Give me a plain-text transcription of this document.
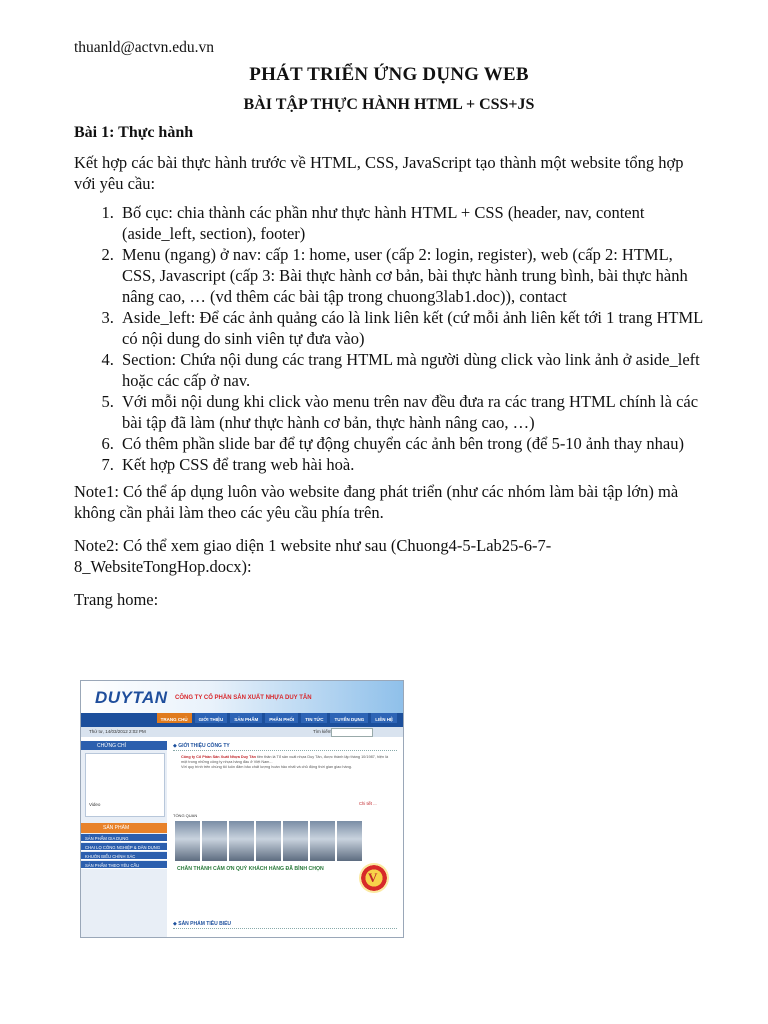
thuanld@actvn.edu.vn
PHÁT TRIỂN ỨNG DỤNG WEB
BÀI TẬP THỰC HÀNH HTML + CSS+JS
Bài 1: Thực hành
Kết hợp các bài thực hành trước về HTML, CSS, JavaScript tạo thành một website tổng hợp với yêu cầu:
1. Bố cục: chia thành các phần như thực hành HTML + CSS (header, nav, content (aside_left, section), footer)
2. Menu (ngang) ở nav: cấp 1: home, user (cấp 2: login, register), web (cấp 2: HTML, CSS, Javascript (cấp 3: Bài thực hành cơ bản, bài thực hành trung bình, bài thực hành nâng cao, … (vd thêm các bài tập trong chuong3lab1.doc)), contact
3. Aside_left: Để các ảnh quảng cáo là link liên kết (cứ mỗi ảnh liên kết tới 1 trang HTML có nội dung do sinh viên tự đưa vào)
4. Section: Chứa nội dung các trang HTML mà người dùng click vào link ảnh ở aside_left hoặc các cấp ở nav.
5. Với mỗi nội dung khi click vào menu trên nav đều đưa ra các trang HTML chính là các bài tập đã làm (như thực hành cơ bản, thực hành nâng cao, …)
6. Có thêm phần slide bar để tự động chuyển các ảnh bên trong (để 5-10 ảnh thay nhau)
7. Kết hợp CSS để trang web hài hoà.
Note1: Có thể áp dụng luôn vào website đang phát triển (như các nhóm làm bài tập lớn) mà không cần phải làm theo các yêu cầu phía trên.
Note2: Có thể xem giao diện 1 website như sau (Chuong4-5-Lab25-6-7-8_WebsiteTongHop.docx):
Trang home:
DUYTAN CÔNG TY CỔ PHẦN SẢN XUẤT NHỰA DUY TÂN
TRANG CHỦ	GIỚI THIỆU	SẢN PHẨM	PHÂN PHỐI	TIN TỨC	TUYỂN DỤNG	LIÊN HỆ
Thứ tư, 14/03/2012 2:02 PM	Tìm kiếm
CHỨNG CHỈ
SẢN PHẨM
SẢN PHẨM GIA DỤNG
CHAI LỌ CÔNG NGHIỆP & DÂN DỤNG
KHUÔN BIỂU CHÍNH XÁC
SẢN PHẨM THEO YÊU CẦU
Video
◆ GIỚI THIỆU CÔNG TY
Công ty Cổ Phần Sản Xuất Nhựa Duy Tân tiền thân là Tổ sản xuất nhựa Duy Tân, được thành lập tháng 10/1987, hiện là một trong những công ty nhựa hàng đầu ở Việt Nam...
Với quy trình trên chúng tôi luôn đảm bảo chất lượng hoàn hảo nhất và chủ động thời gian giao hàng.
Chi tiết ...
TỔNG QUAN
CHÂN THÀNH CẢM ƠN QUÝ KHÁCH HÀNG ĐÃ BÌNH CHỌN
V
◆ SẢN PHẨM TIÊU BIỂU
